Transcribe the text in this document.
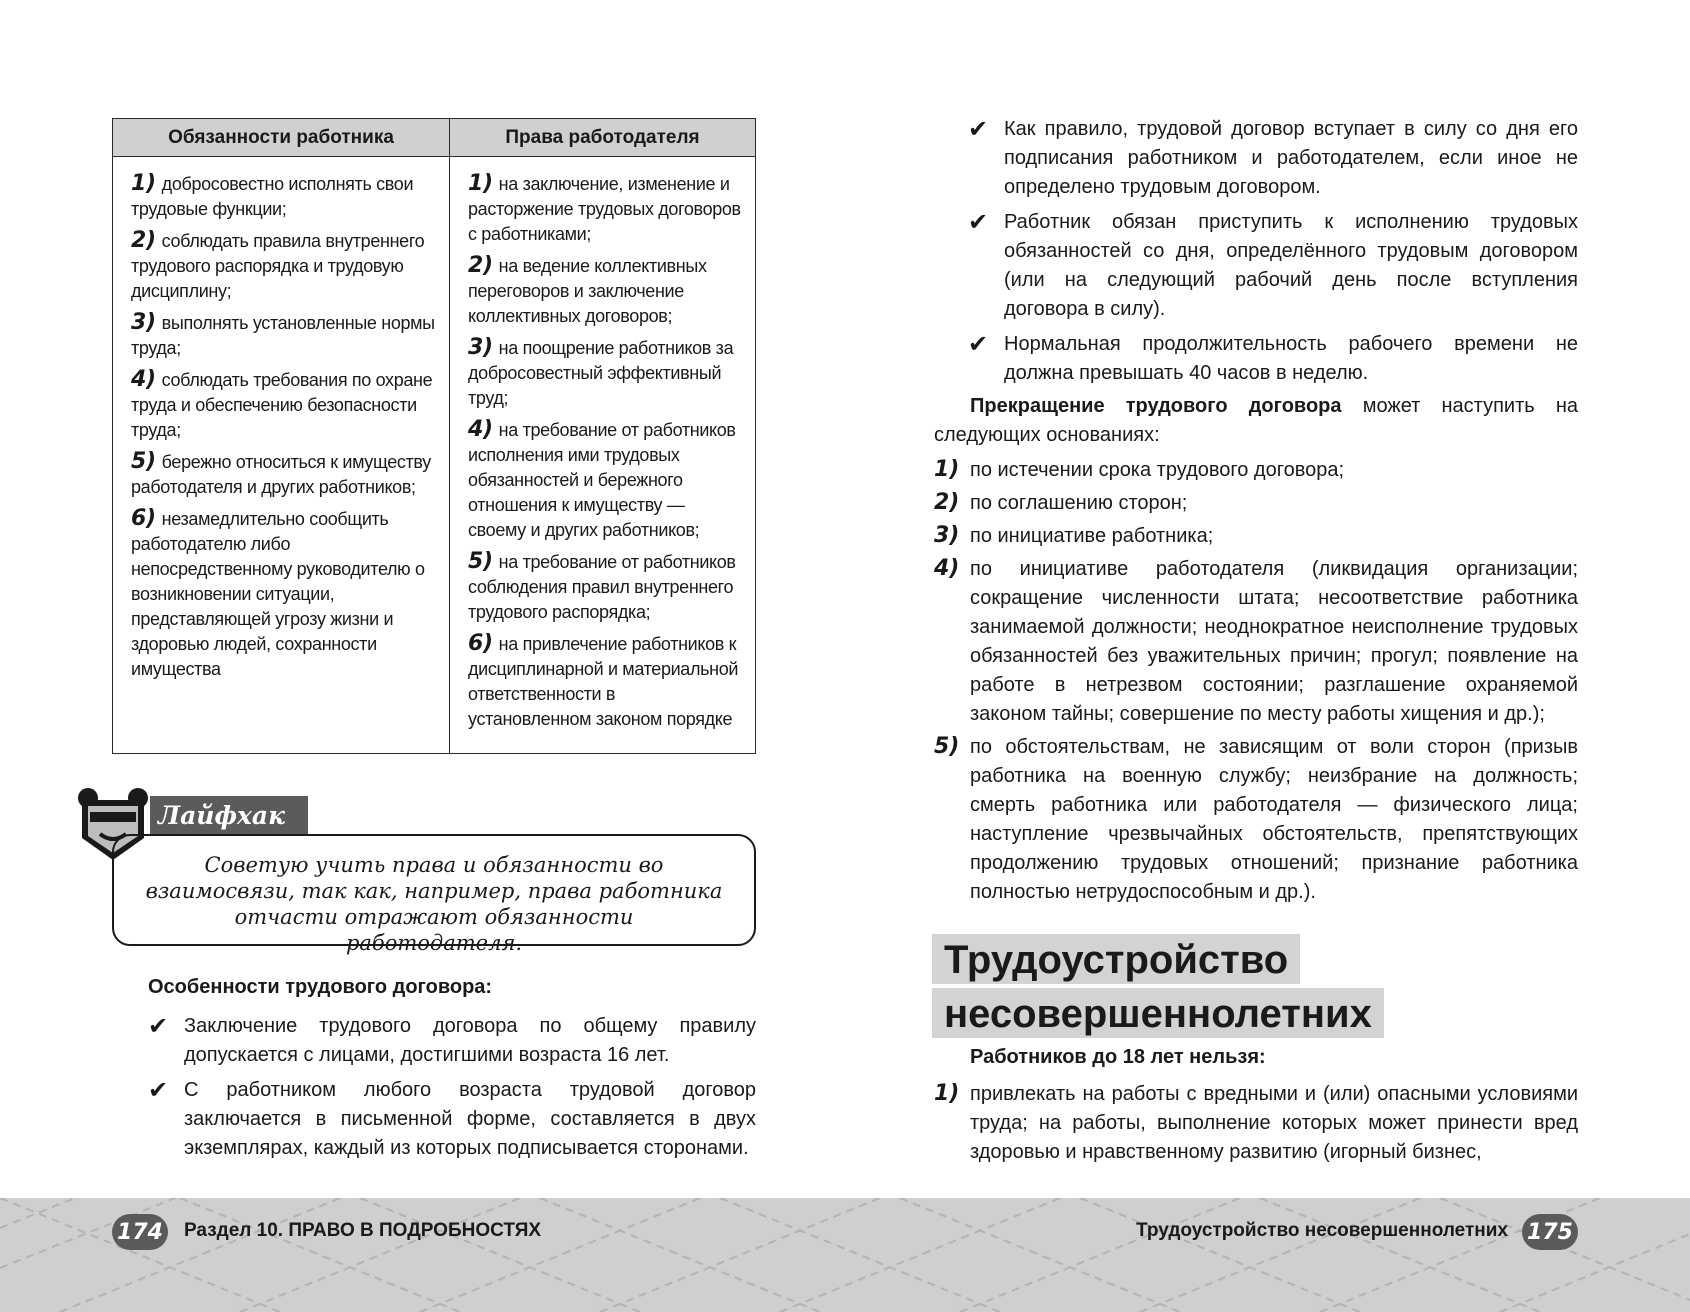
Обязанности работника	Права работодателя
1) добросовестно исполнять свои трудовые функции;
2) соблюдать правила внутреннего трудового распорядка и трудовую дисциплину;
3) выполнять установленные нормы труда;
4) соблюдать требования по охране труда и обеспечению безопасности труда;
5) бережно относиться к имуществу работодателя и других работников;
6) незамедлительно сообщить работодателю либо непосредственному руководителю о возникновении ситуации, представляющей угрозу жизни и здоровью людей, сохранности имущества
1) на заключение, изменение и расторжение трудовых договоров с работниками;
2) на ведение коллективных переговоров и заключение коллективных договоров;
3) на поощрение работников за добросовестный эффективный труд;
4) на требование от работников исполнения ими трудовых обязанностей и бережного отношения к имуществу — своему и других работников;
5) на требование от работников соблюдения правил внутреннего трудового распорядка;
6) на привлечение работников к дисциплинарной и материальной ответственности в установленном законом порядке
Лайфхак
Советую учить права и обязанности во взаимосвязи, так как, например, права работника отчасти отражают обязанности работодателя.
Особенности трудового договора:
✔ Заключение трудового договора по общему правилу допускается с лицами, достигшими возраста 16 лет.
✔ С работником любого возраста трудовой договор заключается в письменной форме, составляется в двух экземплярах, каждый из которых подписывается сторонами.
✔ Как правило, трудовой договор вступает в силу со дня его подписания работником и работодателем, если иное не определено трудовым договором.
✔ Работник обязан приступить к исполнению трудовых обязанностей со дня, определённого трудовым договором (или на следующий рабочий день после вступления договора в силу).
✔ Нормальная продолжительность рабочего времени не должна превышать 40 часов в неделю.
Прекращение трудового договора может наступить на следующих основаниях:
1) по истечении срока трудового договора;
2) по соглашению сторон;
3) по инициативе работника;
4) по инициативе работодателя (ликвидация организации; сокращение численности штата; несоответствие работника занимаемой должности; неоднократное неисполнение трудовых обязанностей без уважительных причин; прогул; появление на работе в нетрезвом состоянии; разглашение охраняемой законом тайны; совершение по месту работы хищения и др.);
5) по обстоятельствам, не зависящим от воли сторон (призыв работника на военную службу; неизбрание на должность; смерть работника или работодателя — физического лица; наступление чрезвычайных обстоятельств, препятствующих продолжению трудовых отношений; признание работника полностью нетрудоспособным и др.).
Трудоустройство
несовершеннолетних
Работников до 18 лет нельзя:
1) привлекать на работы с вредными и (или) опасными условиями труда; на работы, выполнение которых может принести вред здоровью и нравственному развитию (игорный бизнес,
174 Раздел 10. ПРАВО В ПОДРОБНОСТЯХ	Трудоустройство несовершеннолетних 175
